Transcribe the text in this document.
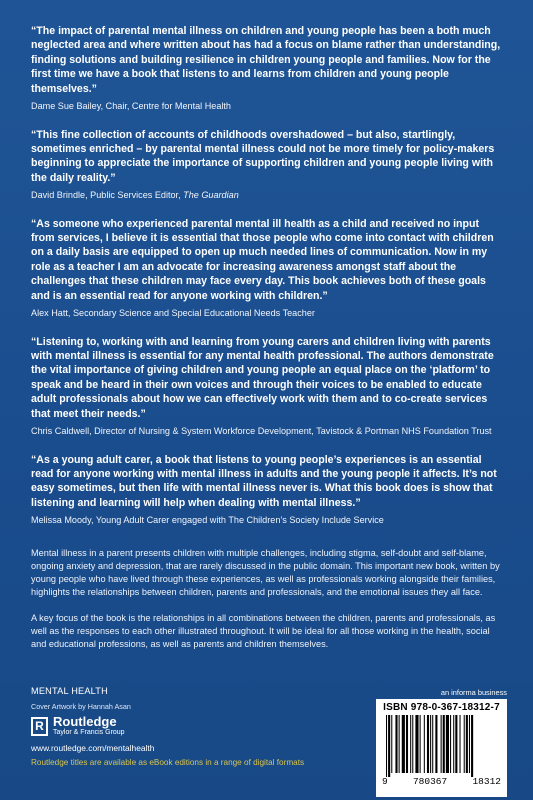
“The impact of parental mental illness on children and young people has been a both much neglected area and where written about has had a focus on blame rather than understanding, finding solutions and building resilience in children young people and families. Now for the first time we have a book that listens to and learns from children and young people themselves.”

Dame Sue Bailey, Chair, Centre for Mental Health

“This fine collection of accounts of childhoods overshadowed – but also, startlingly, sometimes enriched – by parental mental illness could not be more timely for policy-makers beginning to appreciate the importance of supporting children and young people living with the daily reality.”

David Brindle, Public Services Editor, The Guardian

“As someone who experienced parental mental ill health as a child and received no input from services, I believe it is essential that those people who come into contact with children on a daily basis are equipped to open up much needed lines of communication. Now in my role as a teacher I am an advocate for increasing awareness amongst staff about the challenges that these children may face every day. This book achieves both of these goals and is an essential read for anyone working with children.”

Alex Hatt, Secondary Science and Special Educational Needs Teacher

“Listening to, working with and learning from young carers and children living with parents with mental illness is essential for any mental health professional. The authors demonstrate the vital importance of giving children and young people an equal place on the ‘platform’ to speak and be heard in their own voices and through their voices to be enabled to educate adult professionals about how we can effectively work with them and to co-create services that meet their needs.”

Chris Caldwell, Director of Nursing & System Workforce Development, Tavistock & Portman NHS Foundation Trust

“As a young adult carer, a book that listens to young people’s experiences is an essential read for anyone working with mental illness in adults and the young people it affects. It’s not easy sometimes, but then life with mental illness never is. What this book does is show that listening and learning will help when dealing with mental illness.”

Melissa Moody, Young Adult Carer engaged with The Children’s Society Include Service

Mental illness in a parent presents children with multiple challenges, including stigma, self-doubt and self-blame, ongoing anxiety and depression, that are rarely discussed in the public domain. This important new book, written by young people who have lived through these experiences, as well as professionals working alongside their families, highlights the relationships between children, parents and professionals, and the emotional issues they all face.

A key focus of the book is the relationships in all combinations between the children, parents and professionals, as well as the responses to each other illustrated throughout. It will be ideal for all those working in the health, social and educational professions, as well as parents and children themselves.

MENTAL HEALTH

Cover Artwork by Hannah Asan
R Routledge
Taylor & Francis Group
www.routledge.com/mentalhealth
Routledge titles are available as eBook editions in a range of digital formats
an informa business
ISBN 978-0-367-18312-7
9	780367	18312
